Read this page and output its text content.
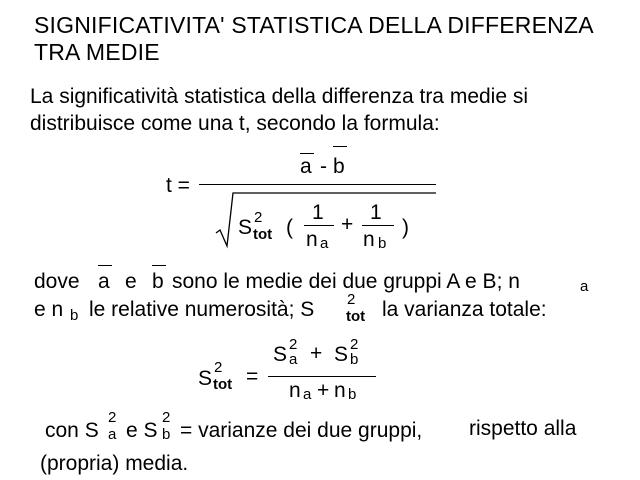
SIGNIFICATIVITA' STATISTICA DELLA DIFFERENZA
TRA MEDIE
La significatività statistica della differenza tra medie si
distribuisce come una t, secondo la formula:
t =
a - b
S 2
tot (
1
n a
+
1
n b
)
dove a e b sono le medie dei due gruppi A e B; n	a
e n b le relative numerosità; S 2
tot la varianza totale:
S 2
tot =
S 2
a + S 2
b
n a + n b
con S
2
a e S
2
b = varianze dei due gruppi, rispetto alla
(propria) media.
